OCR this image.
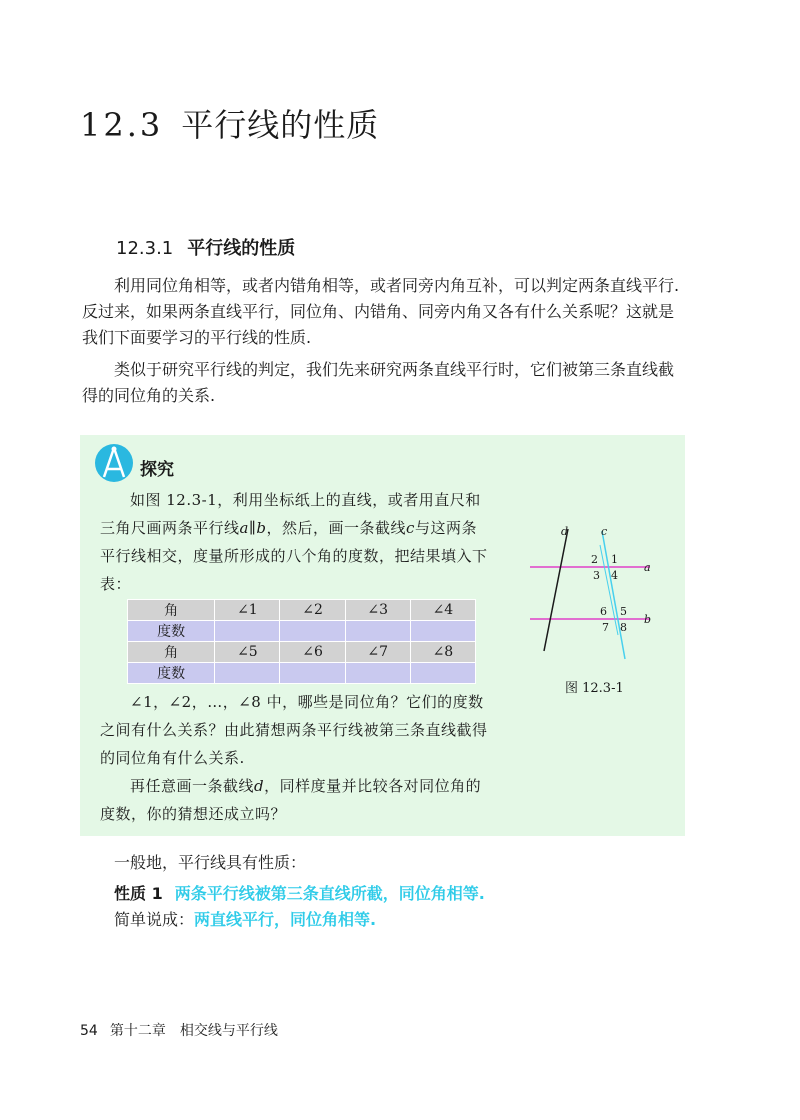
12.3 平行线的性质
12.3.1 平行线的性质

利用同位角相等，或者内错角相等，或者同旁内角互补，可以判定两条直线平行. 反过来，如果两条直线平行，同位角、内错角、同旁内角又各有什么关系呢？这就是我们下面要学习的平行线的性质.

类似于研究平行线的判定，我们先来研究两条直线平行时，它们被第三条直线截得的同位角的关系.

探究

如图 12.3-1，利用坐标纸上的直线，或者用直尺和三角尺画两条平行线a∥b，然后，画一条截线c与这两条平行线相交，度量所形成的八个角的度数，把结果填入下表：

角	∠1	∠2	∠3	∠4
度数				
角	∠5	∠6	∠7	∠8
度数				

∠1，∠2，…，∠8 中，哪些是同位角？它们的度数之间有什么关系？由此猜想两条平行线被第三条直线截得的同位角有什么关系.

再任意画一条截线d，同样度量并比较各对同位角的度数，你的猜想还成立吗？

d	c
a
b
2 1
3 4
6 5
7 8
图 12.3-1

一般地，平行线具有性质：

性质 1 两条平行线被第三条直线所截，同位角相等.

简单说成：两直线平行，同位角相等.

54 第十二章 相交线与平行线
